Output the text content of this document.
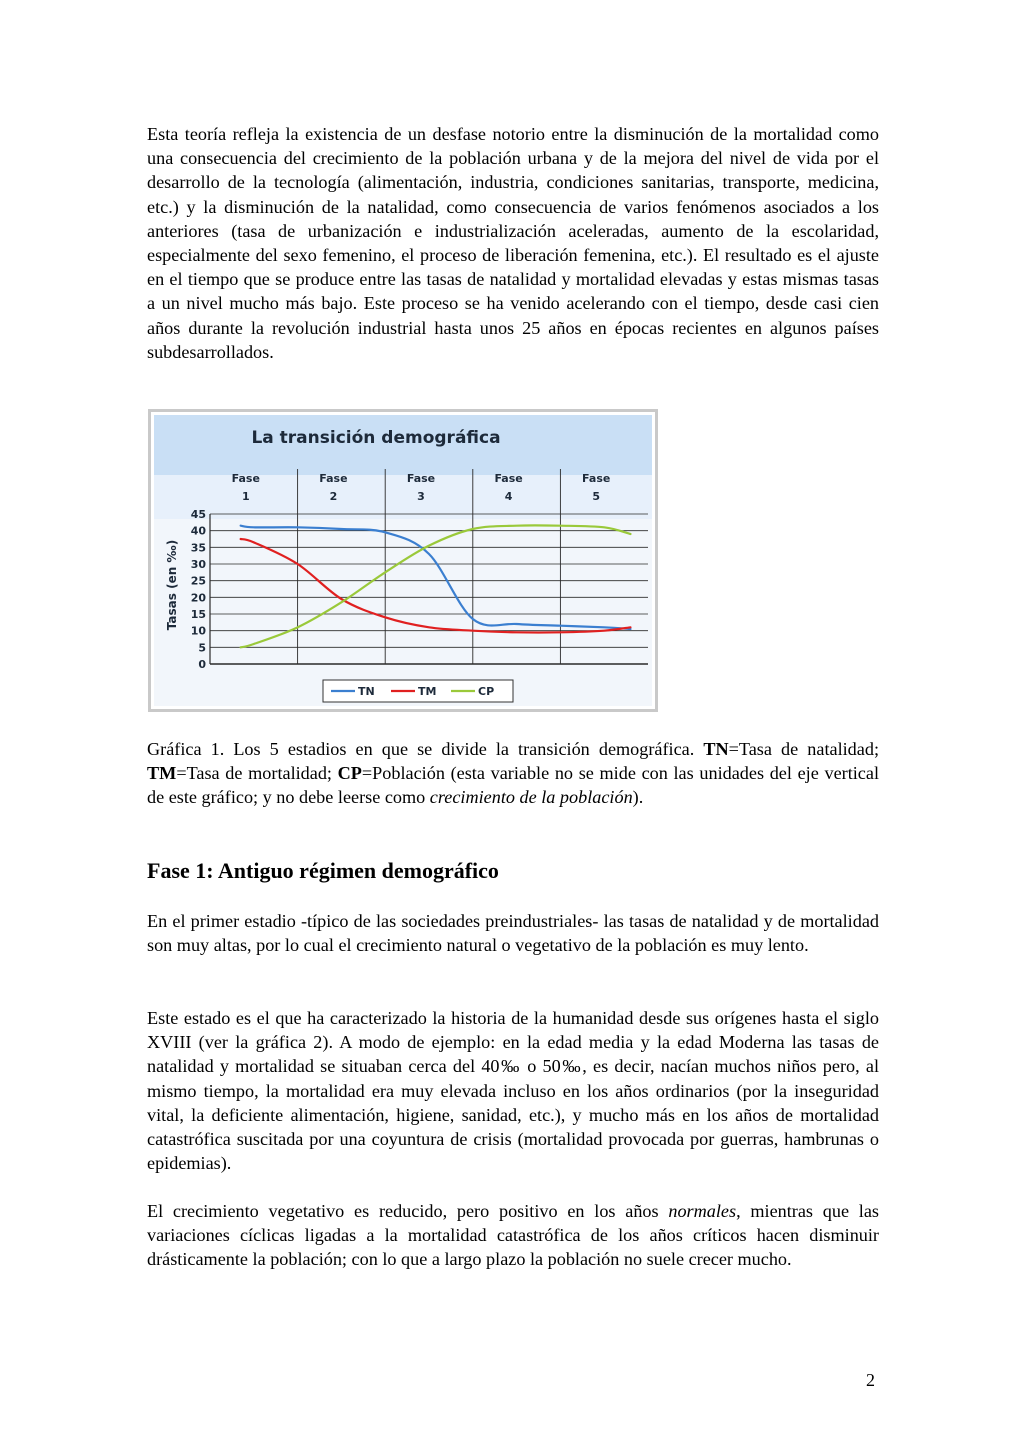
Esta teoría refleja la existencia de un desfase notorio entre la disminución de la mortalidad como una consecuencia del crecimiento de la población urbana y de la mejora del nivel de vida por el desarrollo de la tecnología (alimentación, industria, condiciones sanitarias, transporte, medicina, etc.) y la disminución de la natalidad, como consecuencia de varios fenómenos asociados a los anteriores (tasa de urbanización e industrialización aceleradas, aumento de la escolaridad, especialmente del sexo femenino, el proceso de liberación femenina, etc.). El resultado es el ajuste en el tiempo que se produce entre las tasas de natalidad y mortalidad elevadas y estas mismas tasas a un nivel mucho más bajo. Este proceso se ha venido acelerando con el tiempo, desde casi cien años durante la revolución industrial hasta unos 25 años en épocas recientes en algunos países subdesarrollados.

La transición demográfica
Fase
1
Fase
2
Fase
3
Fase
4
Fase
5
45
40
35
30
25
20
15
10
5
0
Tasas (en ‰)
TN	TM	CP

Gráfica 1. Los 5 estadios en que se divide la transición demográfica. TN=Tasa de natalidad; TM=Tasa de mortalidad; CP=Población (esta variable no se mide con las unidades del eje vertical de este gráfico; y no debe leerse como crecimiento de la población).

Fase 1: Antiguo régimen demográfico

En el primer estadio -típico de las sociedades preindustriales- las tasas de natalidad y de mortalidad son muy altas, por lo cual el crecimiento natural o vegetativo de la población es muy lento.

Este estado es el que ha caracterizado la historia de la humanidad desde sus orígenes hasta el siglo XVIII (ver la gráfica 2). A modo de ejemplo: en la edad media y la edad Moderna las tasas de natalidad y mortalidad se situaban cerca del 40‰ o 50‰, es decir, nacían muchos niños pero, al mismo tiempo, la mortalidad era muy elevada incluso en los años ordinarios (por la inseguridad vital, la deficiente alimentación, higiene, sanidad, etc.), y mucho más en los años de mortalidad catastrófica suscitada por una coyuntura de crisis (mortalidad provocada por guerras, hambrunas o epidemias).

El crecimiento vegetativo es reducido, pero positivo en los años normales, mientras que las variaciones cíclicas ligadas a la mortalidad catastrófica de los años críticos hacen disminuir drásticamente la población; con lo que a largo plazo la población no suele crecer mucho.

2
